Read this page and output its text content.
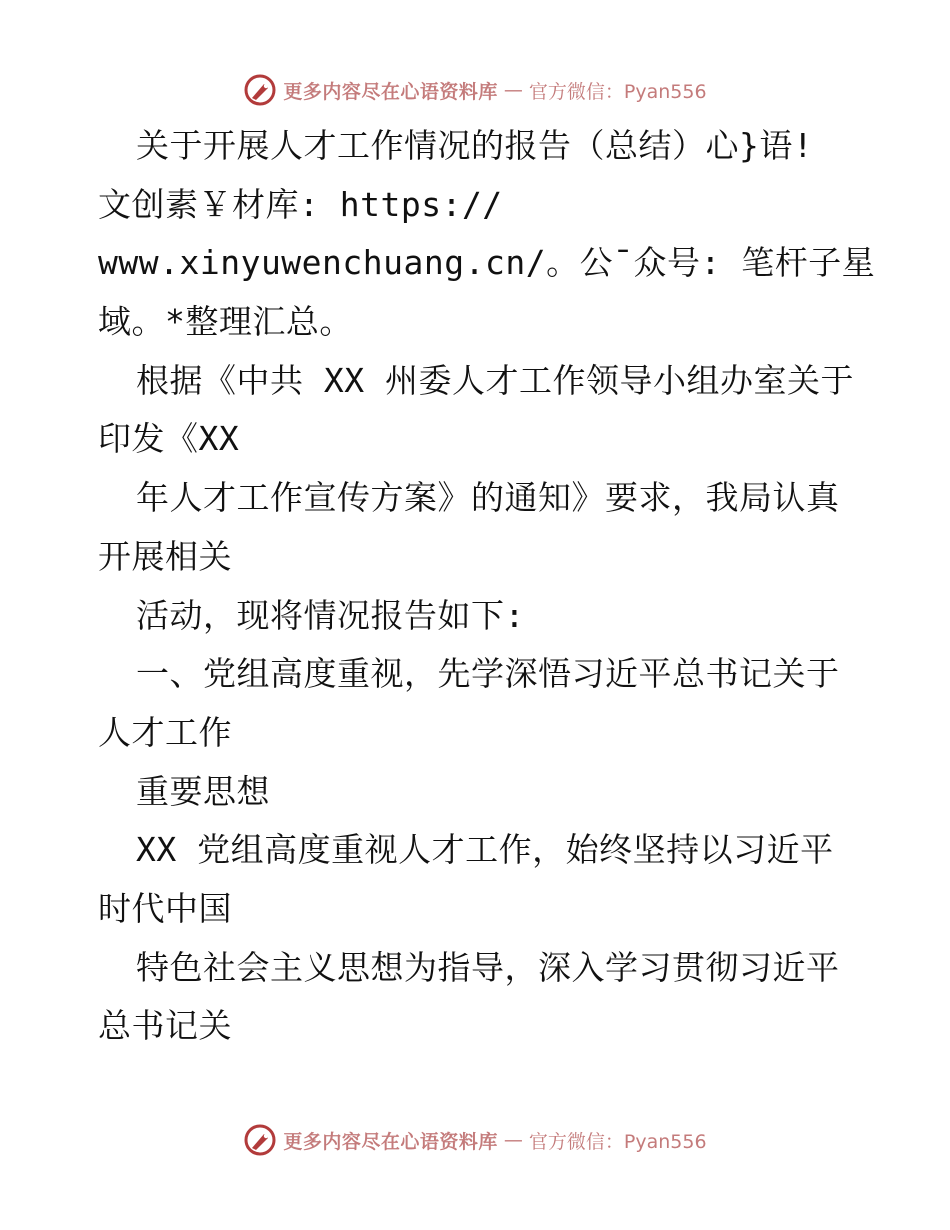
更多内容尽在心语资料库 — 官方微信：Pyan556
关于开展人才工作情况的报告（总结）心}语!
文创素￥材库: https://
www.xinyuwenchuang.cn/。公¯众号: 笔杆子星
域。*整理汇总。
根据《中共 XX 州委人才工作领导小组办室关于
印发《XX
年人才工作宣传方案》的通知》要求，我局认真
开展相关
活动，现将情况报告如下:
一、党组高度重视，先学深悟习近平总书记关于
人才工作
重要思想
XX 党组高度重视人才工作，始终坚持以习近平
时代中国
特色社会主义思想为指导，深入学习贯彻习近平
总书记关
更多内容尽在心语资料库 — 官方微信：Pyan556
